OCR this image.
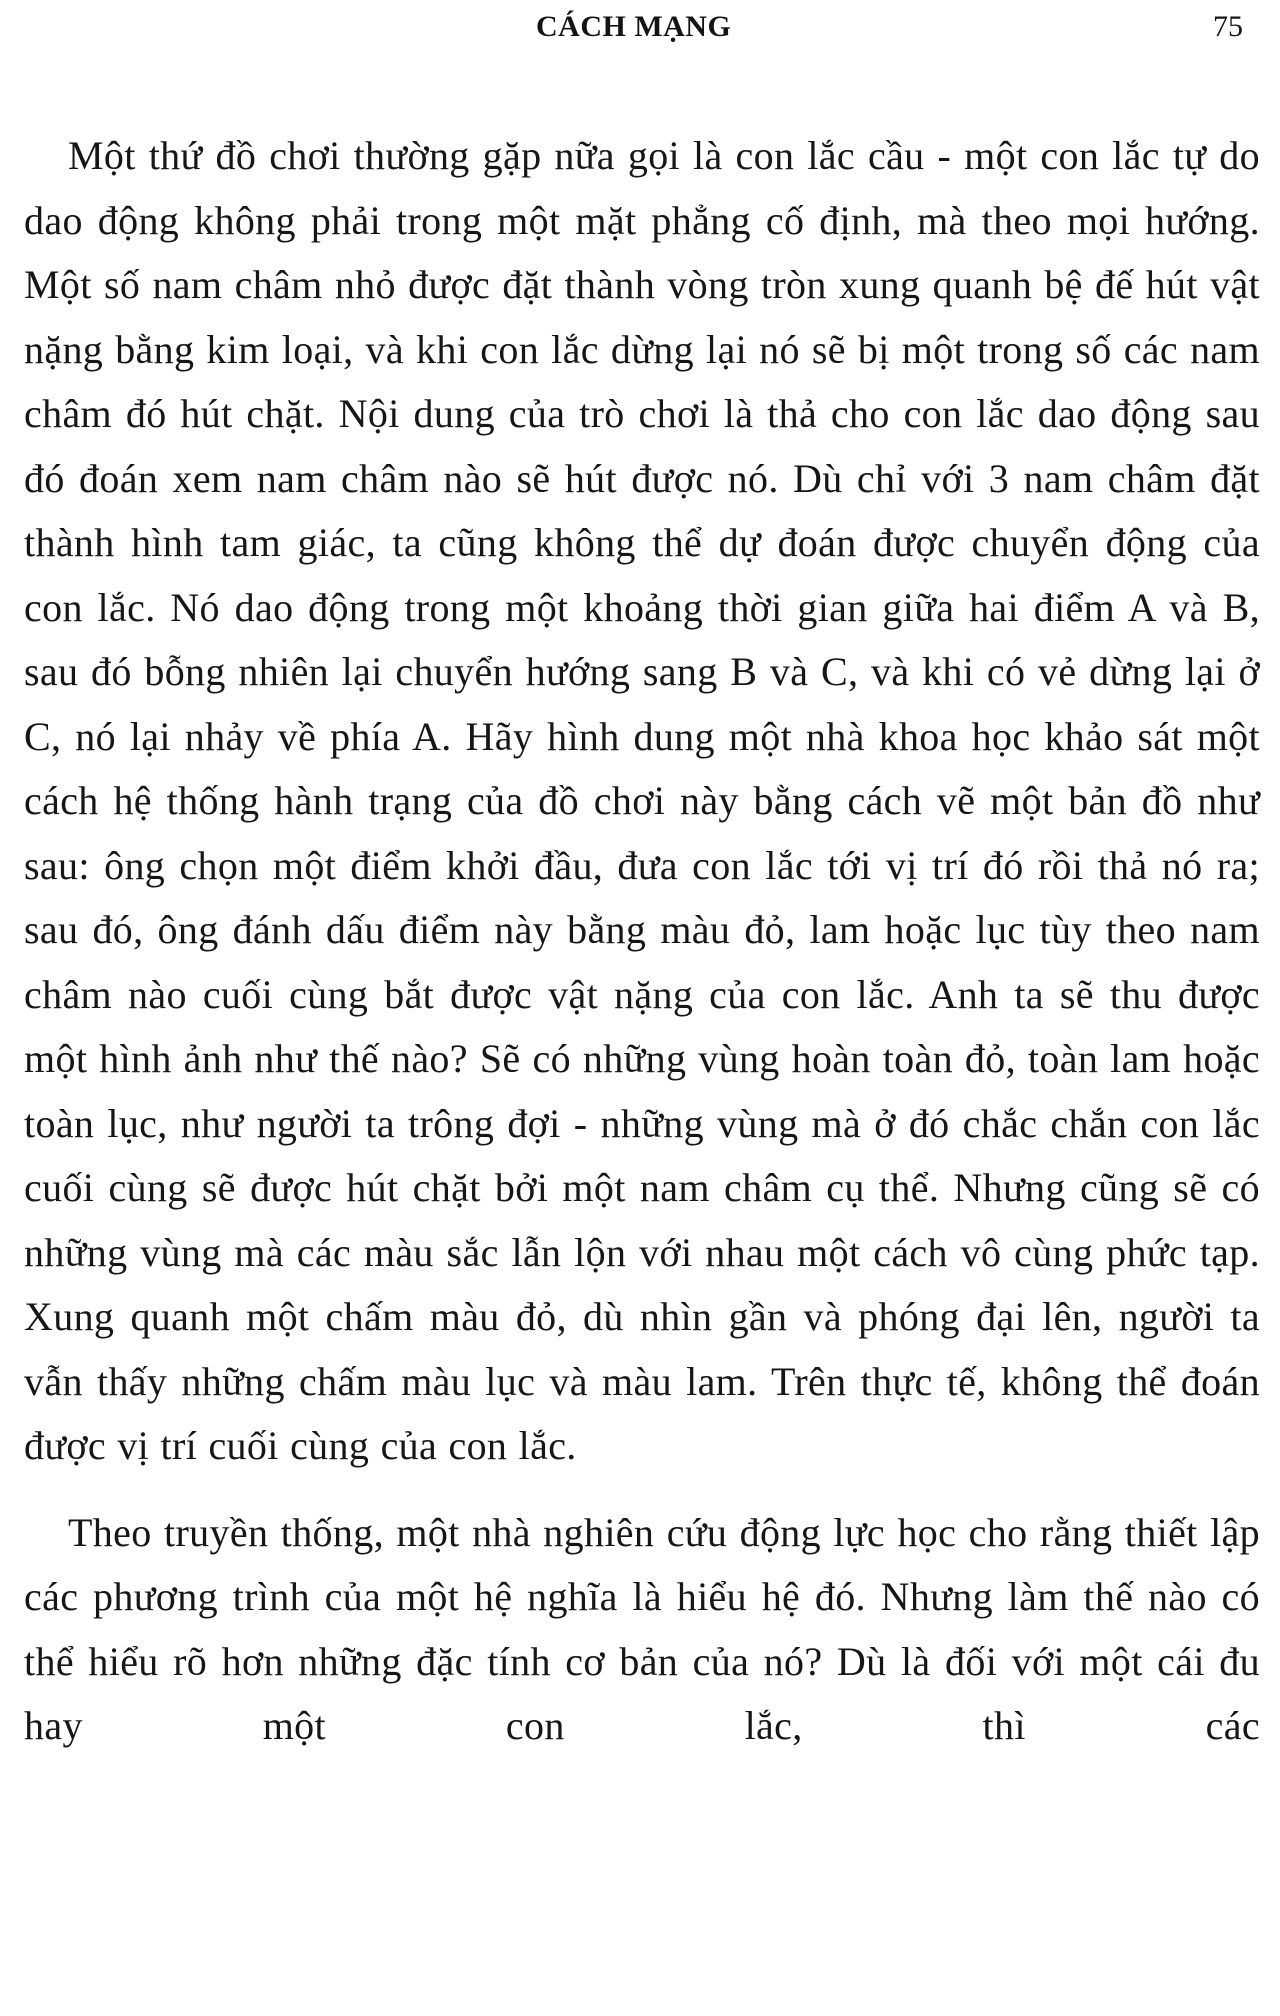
CÁCH MẠNG	75

Một thứ đồ chơi thường gặp nữa gọi là con lắc cầu - một con lắc tự do dao động không phải trong một mặt phẳng cố định, mà theo mọi hướng. Một số nam châm nhỏ được đặt thành vòng tròn xung quanh bệ đế hút vật nặng bằng kim loại, và khi con lắc dừng lại nó sẽ bị một trong số các nam châm đó hút chặt. Nội dung của trò chơi là thả cho con lắc dao động sau đó đoán xem nam châm nào sẽ hút được nó. Dù chỉ với 3 nam châm đặt thành hình tam giác, ta cũng không thể dự đoán được chuyển động của con lắc. Nó dao động trong một khoảng thời gian giữa hai điểm A và B, sau đó bỗng nhiên lại chuyển hướng sang B và C, và khi có vẻ dừng lại ở C, nó lại nhảy về phía A. Hãy hình dung một nhà khoa học khảo sát một cách hệ thống hành trạng của đồ chơi này bằng cách vẽ một bản đồ như sau: ông chọn một điểm khởi đầu, đưa con lắc tới vị trí đó rồi thả nó ra; sau đó, ông đánh dấu điểm này bằng màu đỏ, lam hoặc lục tùy theo nam châm nào cuối cùng bắt được vật nặng của con lắc. Anh ta sẽ thu được một hình ảnh như thế nào? Sẽ có những vùng hoàn toàn đỏ, toàn lam hoặc toàn lục, như người ta trông đợi - những vùng mà ở đó chắc chắn con lắc cuối cùng sẽ được hút chặt bởi một nam châm cụ thể. Nhưng cũng sẽ có những vùng mà các màu sắc lẫn lộn với nhau một cách vô cùng phức tạp. Xung quanh một chấm màu đỏ, dù nhìn gần và phóng đại lên, người ta vẫn thấy những chấm màu lục và màu lam. Trên thực tế, không thể đoán được vị trí cuối cùng của con lắc.

Theo truyền thống, một nhà nghiên cứu động lực học cho rằng thiết lập các phương trình của một hệ nghĩa là hiểu hệ đó. Nhưng làm thế nào có thể hiểu rõ hơn những đặc tính cơ bản của nó? Dù là đối với một cái đu hay một con lắc, thì các
